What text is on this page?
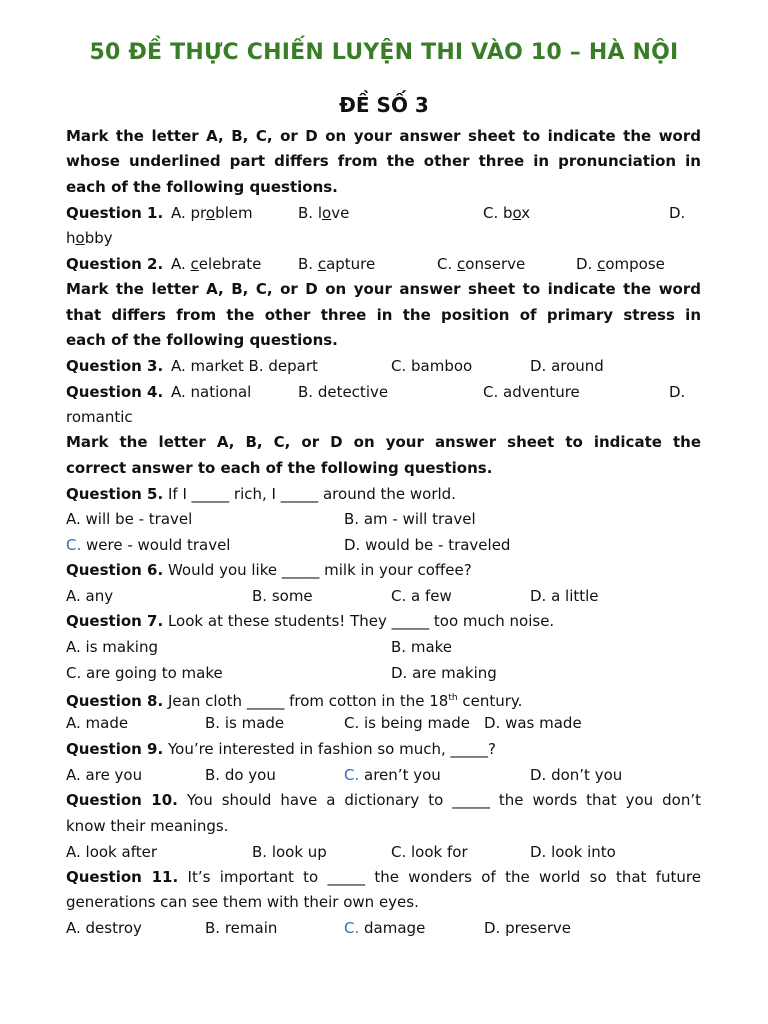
50 ĐỀ THỰC CHIẾN LUYỆN THI VÀO 10 – HÀ NỘI
ĐỀ SỐ 3
Mark the letter A, B, C, or D on your answer sheet to indicate the word
whose underlined part differs from the other three in pronunciation in
each of the following questions.
Question 1. A. problem	B. love	C. box	D.
hobby
Question 2. A. celebrate B. capture	C. conserve	D. compose
Mark the letter A, B, C, or D on your answer sheet to indicate the word
that differs from the other three in the position of primary stress in
each of the following questions.
Question 3. A. market B. depart	C. bamboo	D. around
Question 4. A. national	B. detective	C. adventure	D.
romantic
Mark the letter A, B, C, or D on your answer sheet to indicate the
correct answer to each of the following questions.
Question 5. If I _____ rich, I _____ around the world.
A. will be - travel	B. am - will travel
C. were - would travel	D. would be - traveled
Question 6. Would you like _____ milk in your coffee?
A. any	B. some	C. a few	D. a little
Question 7. Look at these students! They _____ too much noise.
A. is making	B. make
C. are going to make	D. are making
Question 8. Jean cloth _____ from cotton in the 18th century.
A. made	B. is made	C. is being made D. was made
Question 9. You’re interested in fashion so much, _____?
A. are you	B. do you	C. aren’t you	D. don’t you
Question 10. You should have a dictionary to _____ the words that you don’t
know their meanings.
A. look after	B. look up	C. look for	D. look into
Question 11. It’s important to _____ the wonders of the world so that future
generations can see them with their own eyes.
A. destroy	B. remain	C. damage	D. preserve
